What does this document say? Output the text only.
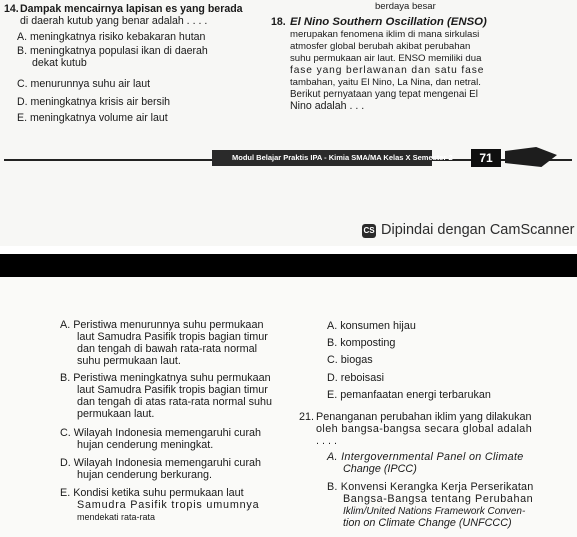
14. Dampak mencairnya lapisan es yang berada
di daerah kutub yang benar adalah . . . .
A. meningkatnya risiko kebakaran hutan
B. meningkatnya populasi ikan di daerah
dekat kutub
C. menurunnya suhu air laut
D. meningkatnya krisis air bersih
E. meningkatnya volume air laut
berdaya besar
18. El Nino Southern Oscillation (ENSO)
merupakan fenomena iklim di mana sirkulasi
atmosfer global berubah akibat perubahan
suhu permukaan air laut. ENSO memiliki dua
fase yang berlawanan dan satu fase
tambahan, yaitu El Nino, La Nina, dan netral.
Berikut pernyataan yang tepat mengenai El
Nino adalah . . .
Modul Belajar Praktis IPA - Kimia SMA/MA Kelas X Semester 2	71
CS Dipindai dengan CamScanner
A. Peristiwa menurunnya suhu permukaan
laut Samudra Pasifik tropis bagian timur
dan tengah di bawah rata-rata normal
suhu permukaan laut.
B. Peristiwa meningkatnya suhu permukaan
laut Samudra Pasifik tropis bagian timur
dan tengah di atas rata-rata normal suhu
permukaan laut.
C. Wilayah Indonesia memengaruhi curah
hujan cenderung meningkat.
D. Wilayah Indonesia memengaruhi curah
hujan cenderung berkurang.
E. Kondisi ketika suhu permukaan laut
Samudra Pasifik tropis umumnya
mendekati rata-rata
A. konsumen hijau
B. komposting
C. biogas
D. reboisasi
E. pemanfaatan energi terbarukan
21. Penanganan perubahan iklim yang dilakukan
oleh bangsa-bangsa secara global adalah
. . . .
A. Intergovernmental Panel on Climate
Change (IPCC)
B. Konvensi Kerangka Kerja Perserikatan
Bangsa-Bangsa tentang Perubahan
Iklim/United Nations Framework Conven-
tion on Climate Change (UNFCCC)
